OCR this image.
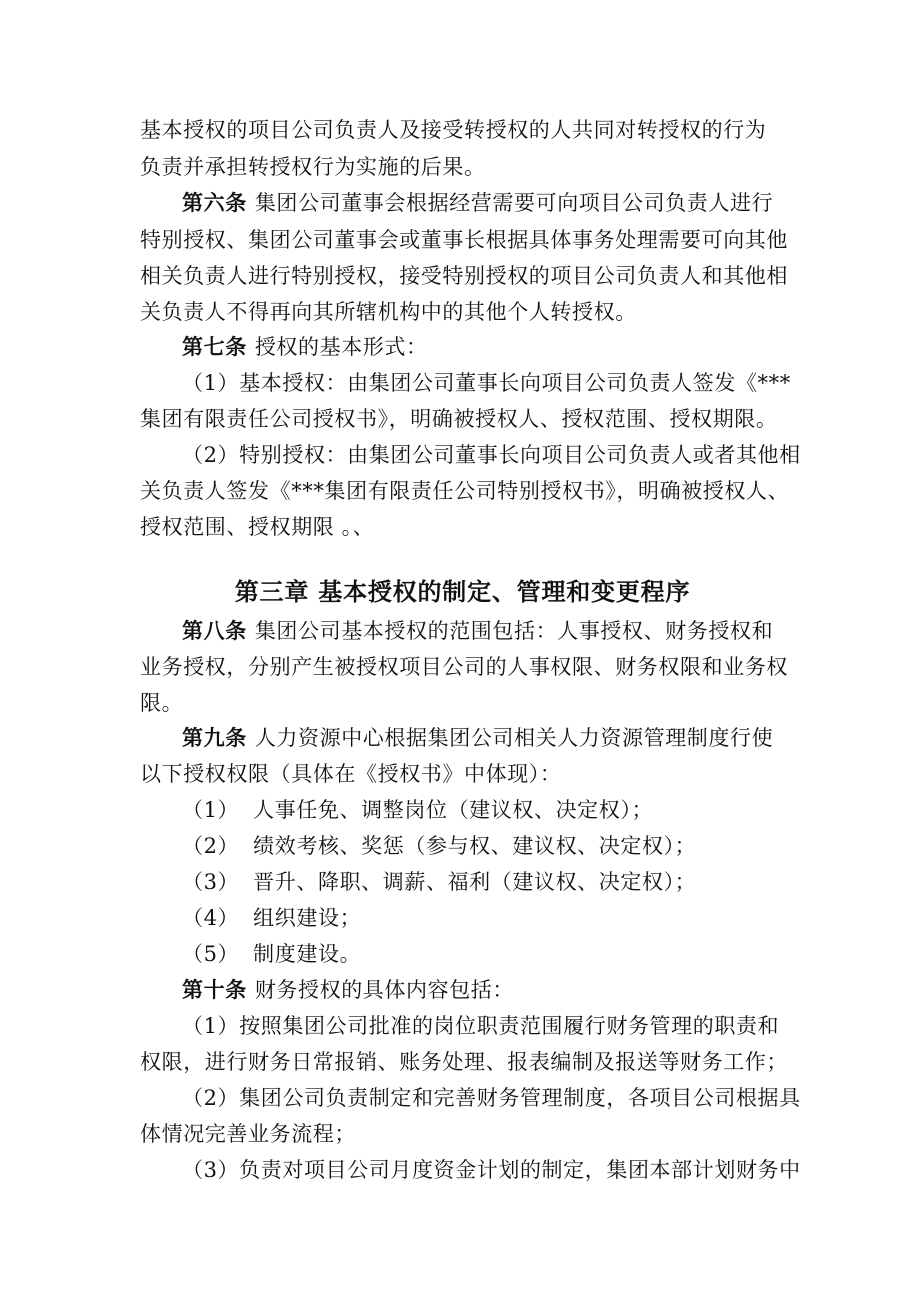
基本授权的项目公司负责人及接受转授权的人共同对转授权的行为
负责并承担转授权行为实施的后果。
第六条 集团公司董事会根据经营需要可向项目公司负责人进行
特别授权、集团公司董事会或董事长根据具体事务处理需要可向其他
相关负责人进行特别授权，接受特别授权的项目公司负责人和其他相
关负责人不得再向其所辖机构中的其他个人转授权。
第七条 授权的基本形式：
（1）基本授权：由集团公司董事长向项目公司负责人签发《***
集团有限责任公司授权书》，明确被授权人、授权范围、授权期限。
（2）特别授权：由集团公司董事长向项目公司负责人或者其他相
关负责人签发《***集团有限责任公司特别授权书》，明确被授权人、
授权范围、授权期限 。、
第三章 基本授权的制定、管理和变更程序
第八条 集团公司基本授权的范围包括：人事授权、财务授权和
业务授权，分别产生被授权项目公司的人事权限、财务权限和业务权
限。
第九条 人力资源中心根据集团公司相关人力资源管理制度行使
以下授权权限（具体在《授权书》中体现）：
（1） 人事任免、调整岗位（建议权、决定权）；
（2） 绩效考核、奖惩（参与权、建议权、决定权）；
（3） 晋升、降职、调薪、福利（建议权、决定权）；
（4） 组织建设；
（5） 制度建设。
第十条 财务授权的具体内容包括：
（1）按照集团公司批准的岗位职责范围履行财务管理的职责和
权限，进行财务日常报销、账务处理、报表编制及报送等财务工作；
（2）集团公司负责制定和完善财务管理制度，各项目公司根据具
体情况完善业务流程；
（3）负责对项目公司月度资金计划的制定，集团本部计划财务中
